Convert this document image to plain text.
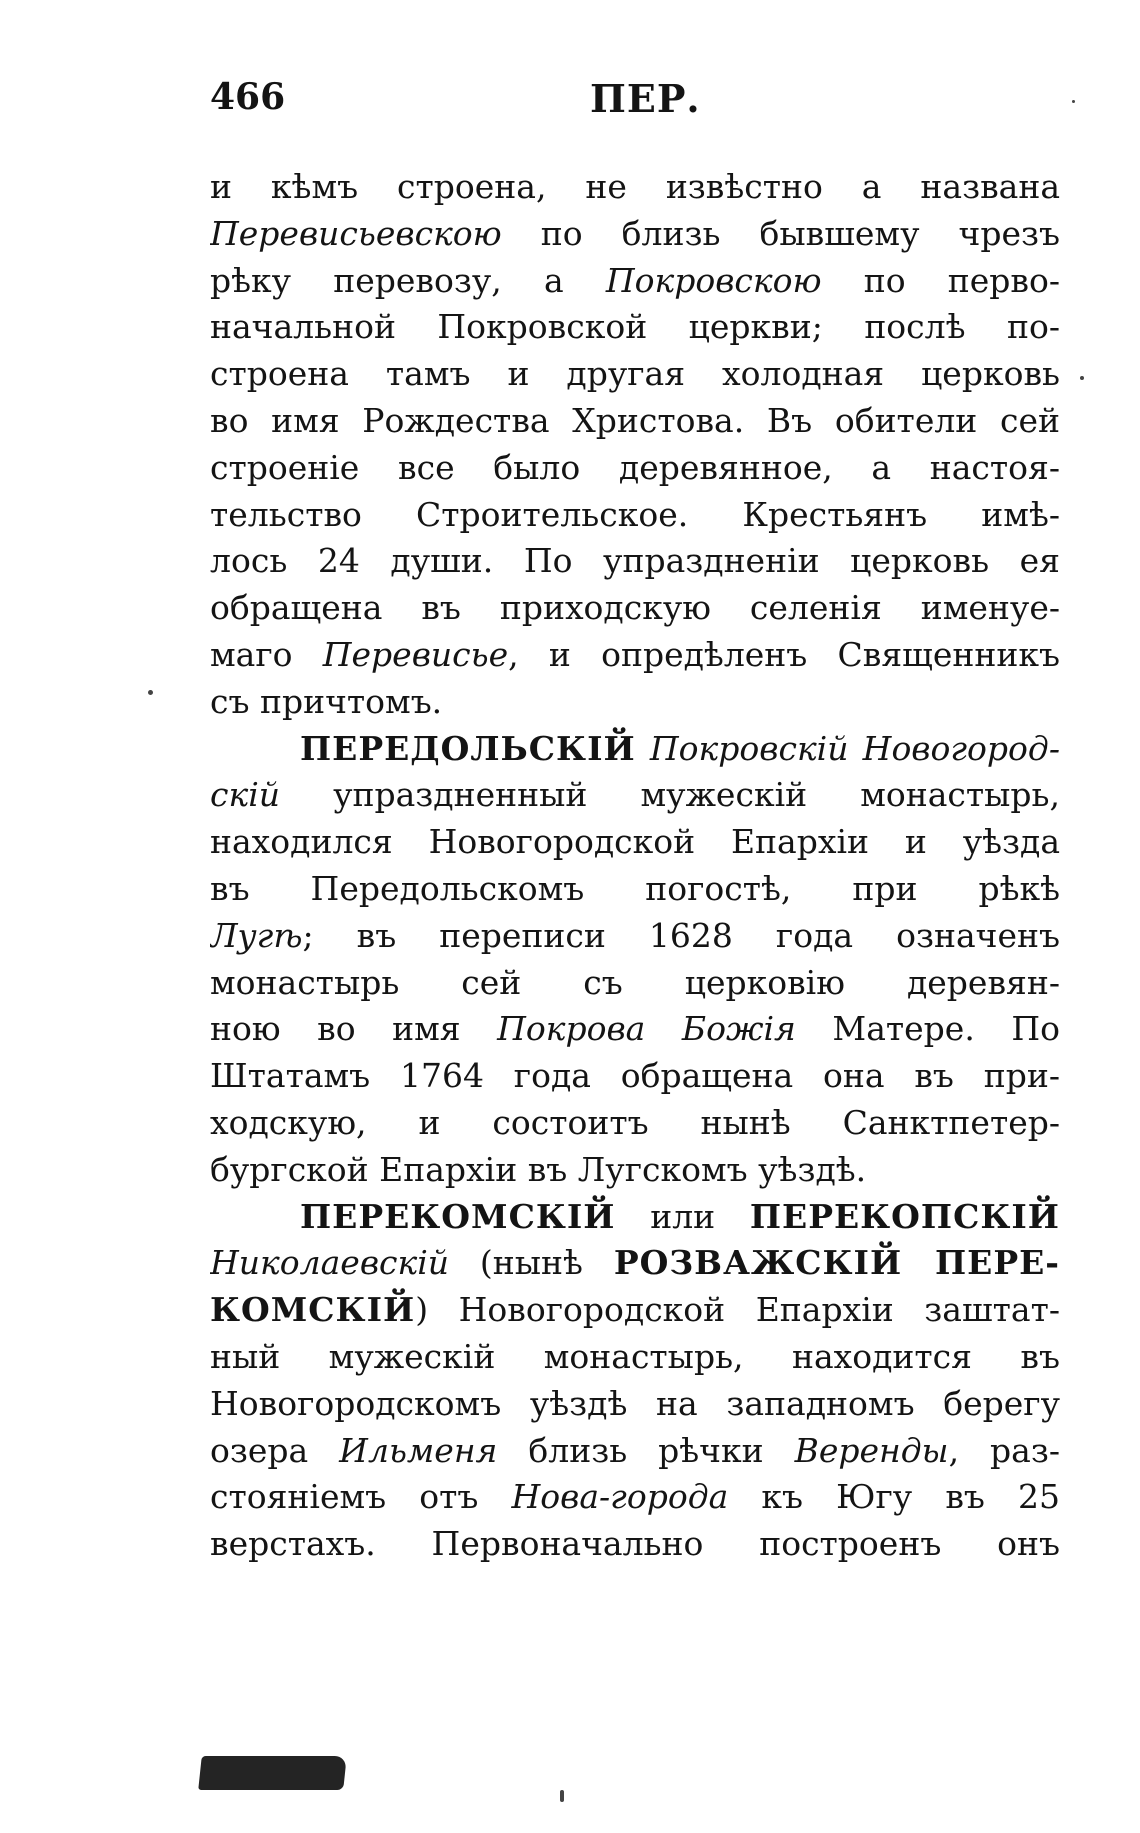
466	ПЕР.
и кѣмъ строена, не извѣстно а названа
Перевисьевскою по близь бывшему чрезъ
рѣку перевозу, а Покровскою по перво-
начальной Покровской церкви; послѣ по-
строена тамъ и другая холодная церковь
во имя Рождества Христова. Въ обители сей
строеніе все было деревянное, а настоя-
тельство Строительское. Крестьянъ имѣ-
лось 24 души. По упраздненіи церковь ея
обращена въ приходскую селенія именуе-
маго Перевисье, и опредѣленъ Священникъ
съ причтомъ.
ПЕРЕДОЛЬСКІЙ Покровскій Новогород-
скій упраздненный мужескій монастырь,
находился Новогородской Епархіи и уѣзда
въ Передольскомъ погостѣ, при рѣкѣ
Лугѣ; въ переписи 1628 года означенъ
монастырь сей съ церковію деревян-
ною во имя Покрова Божія Матере. По
Штатамъ 1764 года обращена она въ при-
ходскую, и состоитъ нынѣ Санктпетер-
бургской Епархіи въ Лугскомъ уѣздѣ.
ПЕРЕКОМСКІЙ или ПЕРЕКОПСКІЙ
Николаевскій (нынѣ РОЗВАЖСКІЙ ПЕРЕ-
КОМСКІЙ) Новогородской Епархіи заштат-
ный мужескій монастырь, находится въ
Новогородскомъ уѣздѣ на западномъ берегу
озера Ильменя близь рѣчки Веренды, раз-
стояніемъ отъ Нова-города къ Югу въ 25
верстахъ. Первоначально построенъ онъ
